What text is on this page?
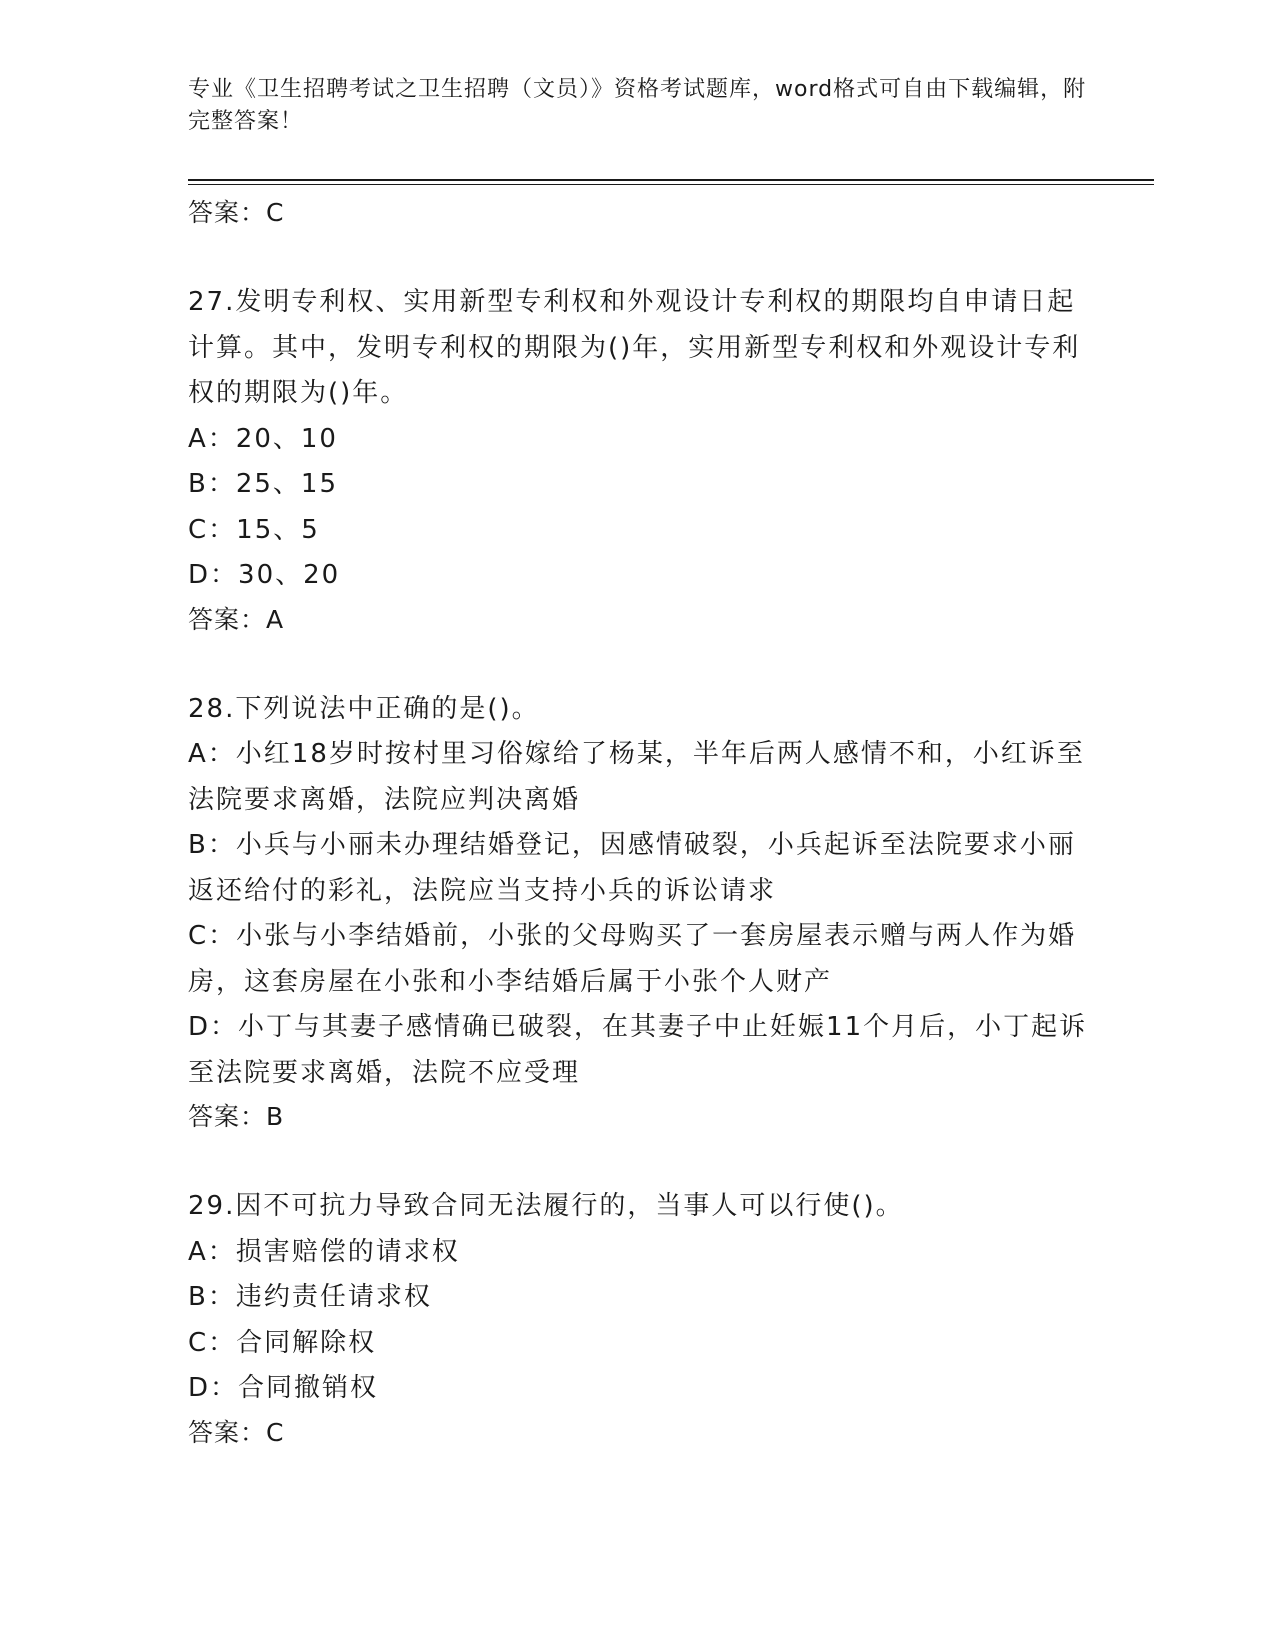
专业《卫生招聘考试之卫生招聘（文员）》资格考试题库，word格式可自由下载编辑，附完整答案！
答案：C
27.发明专利权、实用新型专利权和外观设计专利权的期限均自申请日起计算。其中，发明专利权的期限为()年，实用新型专利权和外观设计专利权的期限为()年。
A：20、10
B：25、15
C：15、5
D：30、20
答案：A
28.下列说法中正确的是()。
A：小红18岁时按村里习俗嫁给了杨某，半年后两人感情不和，小红诉至法院要求离婚，法院应判决离婚
B：小兵与小丽未办理结婚登记，因感情破裂，小兵起诉至法院要求小丽返还给付的彩礼，法院应当支持小兵的诉讼请求
C：小张与小李结婚前，小张的父母购买了一套房屋表示赠与两人作为婚房，这套房屋在小张和小李结婚后属于小张个人财产
D：小丁与其妻子感情确已破裂，在其妻子中止妊娠11个月后，小丁起诉至法院要求离婚，法院不应受理
答案：B
29.因不可抗力导致合同无法履行的，当事人可以行使()。
A：损害赔偿的请求权
B：违约责任请求权
C：合同解除权
D：合同撤销权
答案：C
